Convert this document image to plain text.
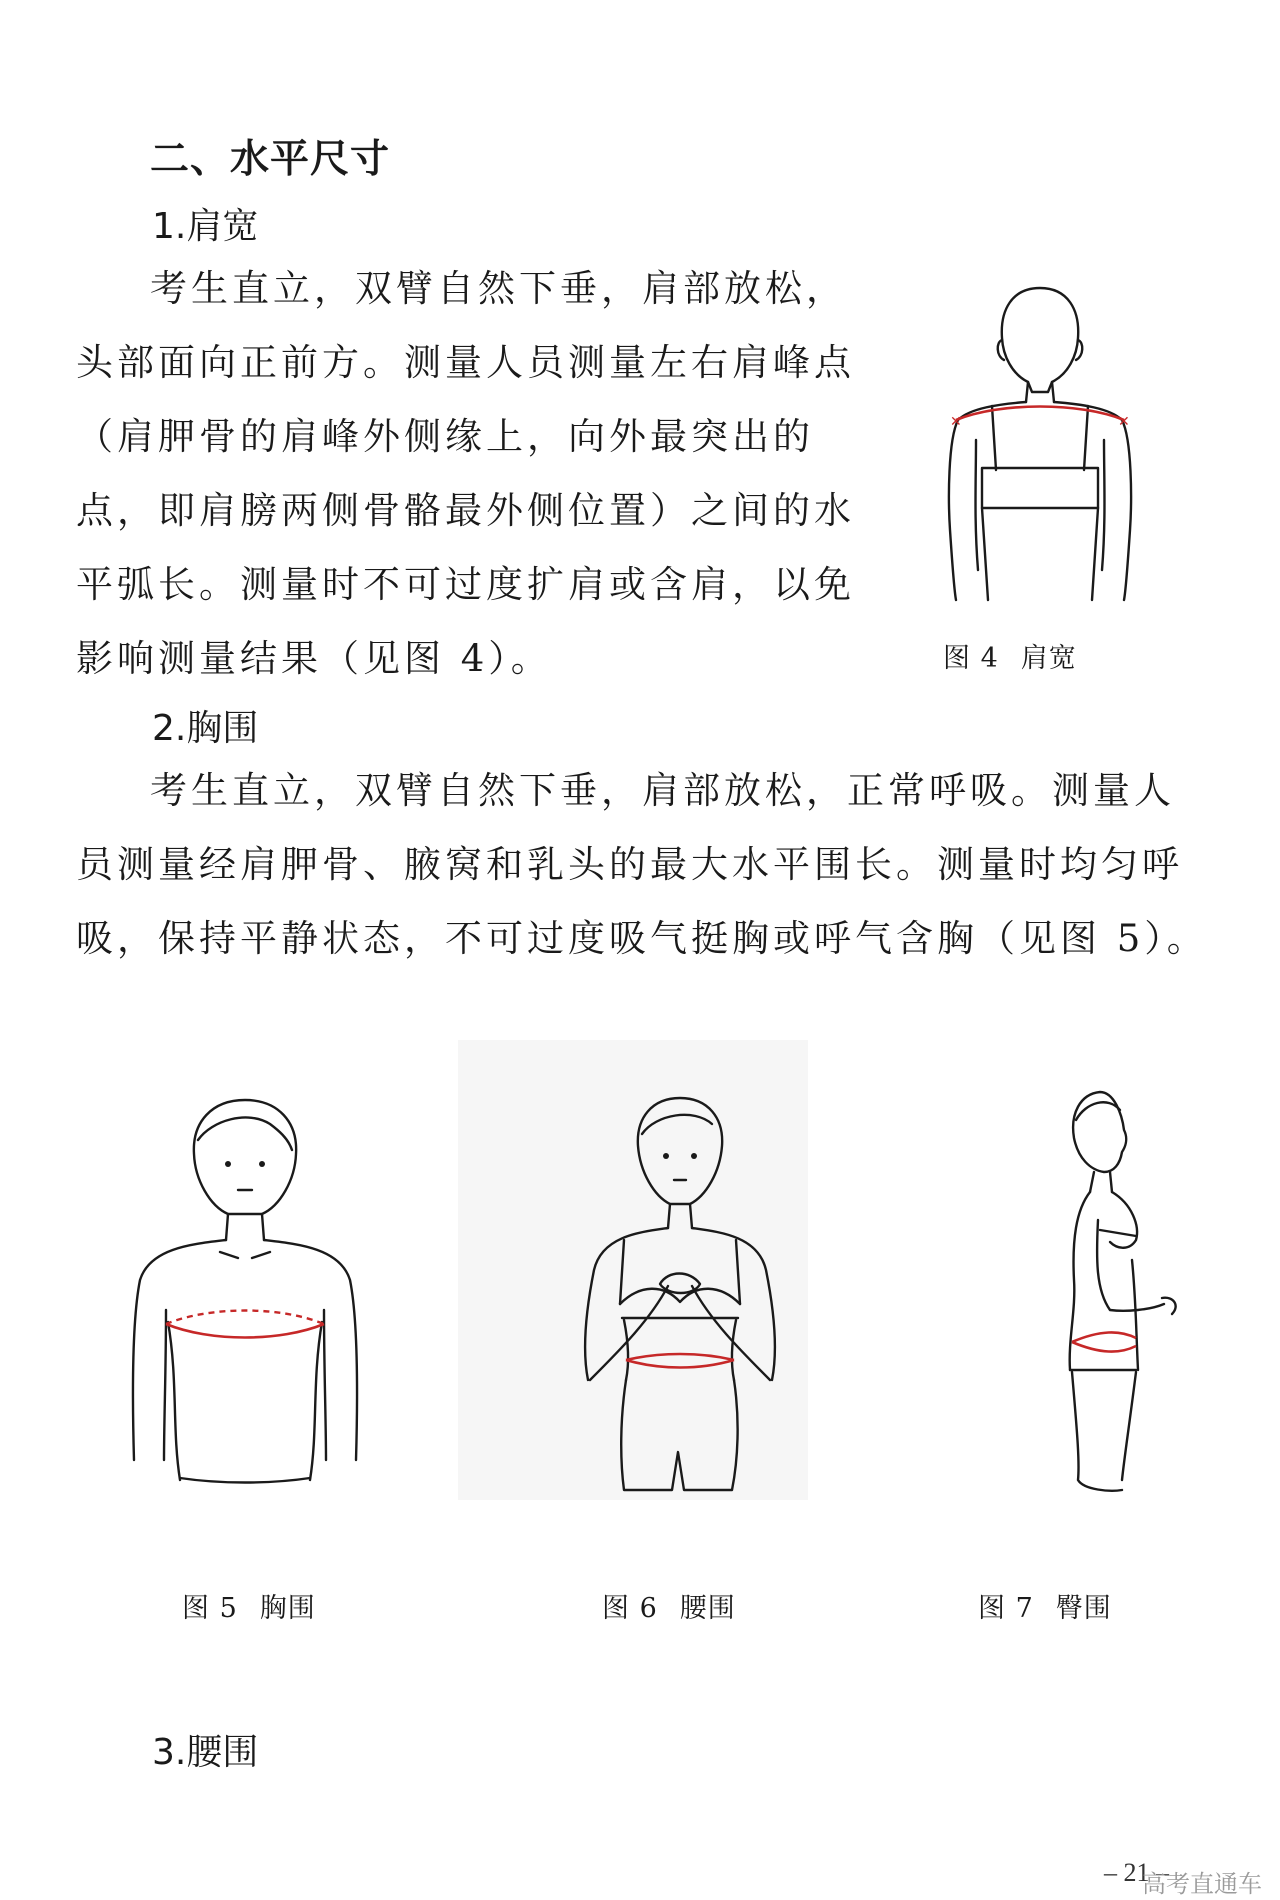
二、水平尺寸
1.肩宽
考生直立，双臂自然下垂，肩部放松，
头部面向正前方。测量人员测量左右肩峰点
（肩胛骨的肩峰外侧缘上，向外最突出的
点，即肩膀两侧骨骼最外侧位置）之间的水
平弧长。测量时不可过度扩肩或含肩，以免
影响测量结果（见图 4）。
✕	✕
图 4 肩宽
2.胸围
考生直立，双臂自然下垂，肩部放松，正常呼吸。测量人
员测量经肩胛骨、腋窝和乳头的最大水平围长。测量时均匀呼
吸，保持平静状态，不可过度吸气挺胸或呼气含胸（见图 5）。
图 5 胸围	图 6 腰围	图 7 臀围
3.腰围
– 21 –
高考直通车
